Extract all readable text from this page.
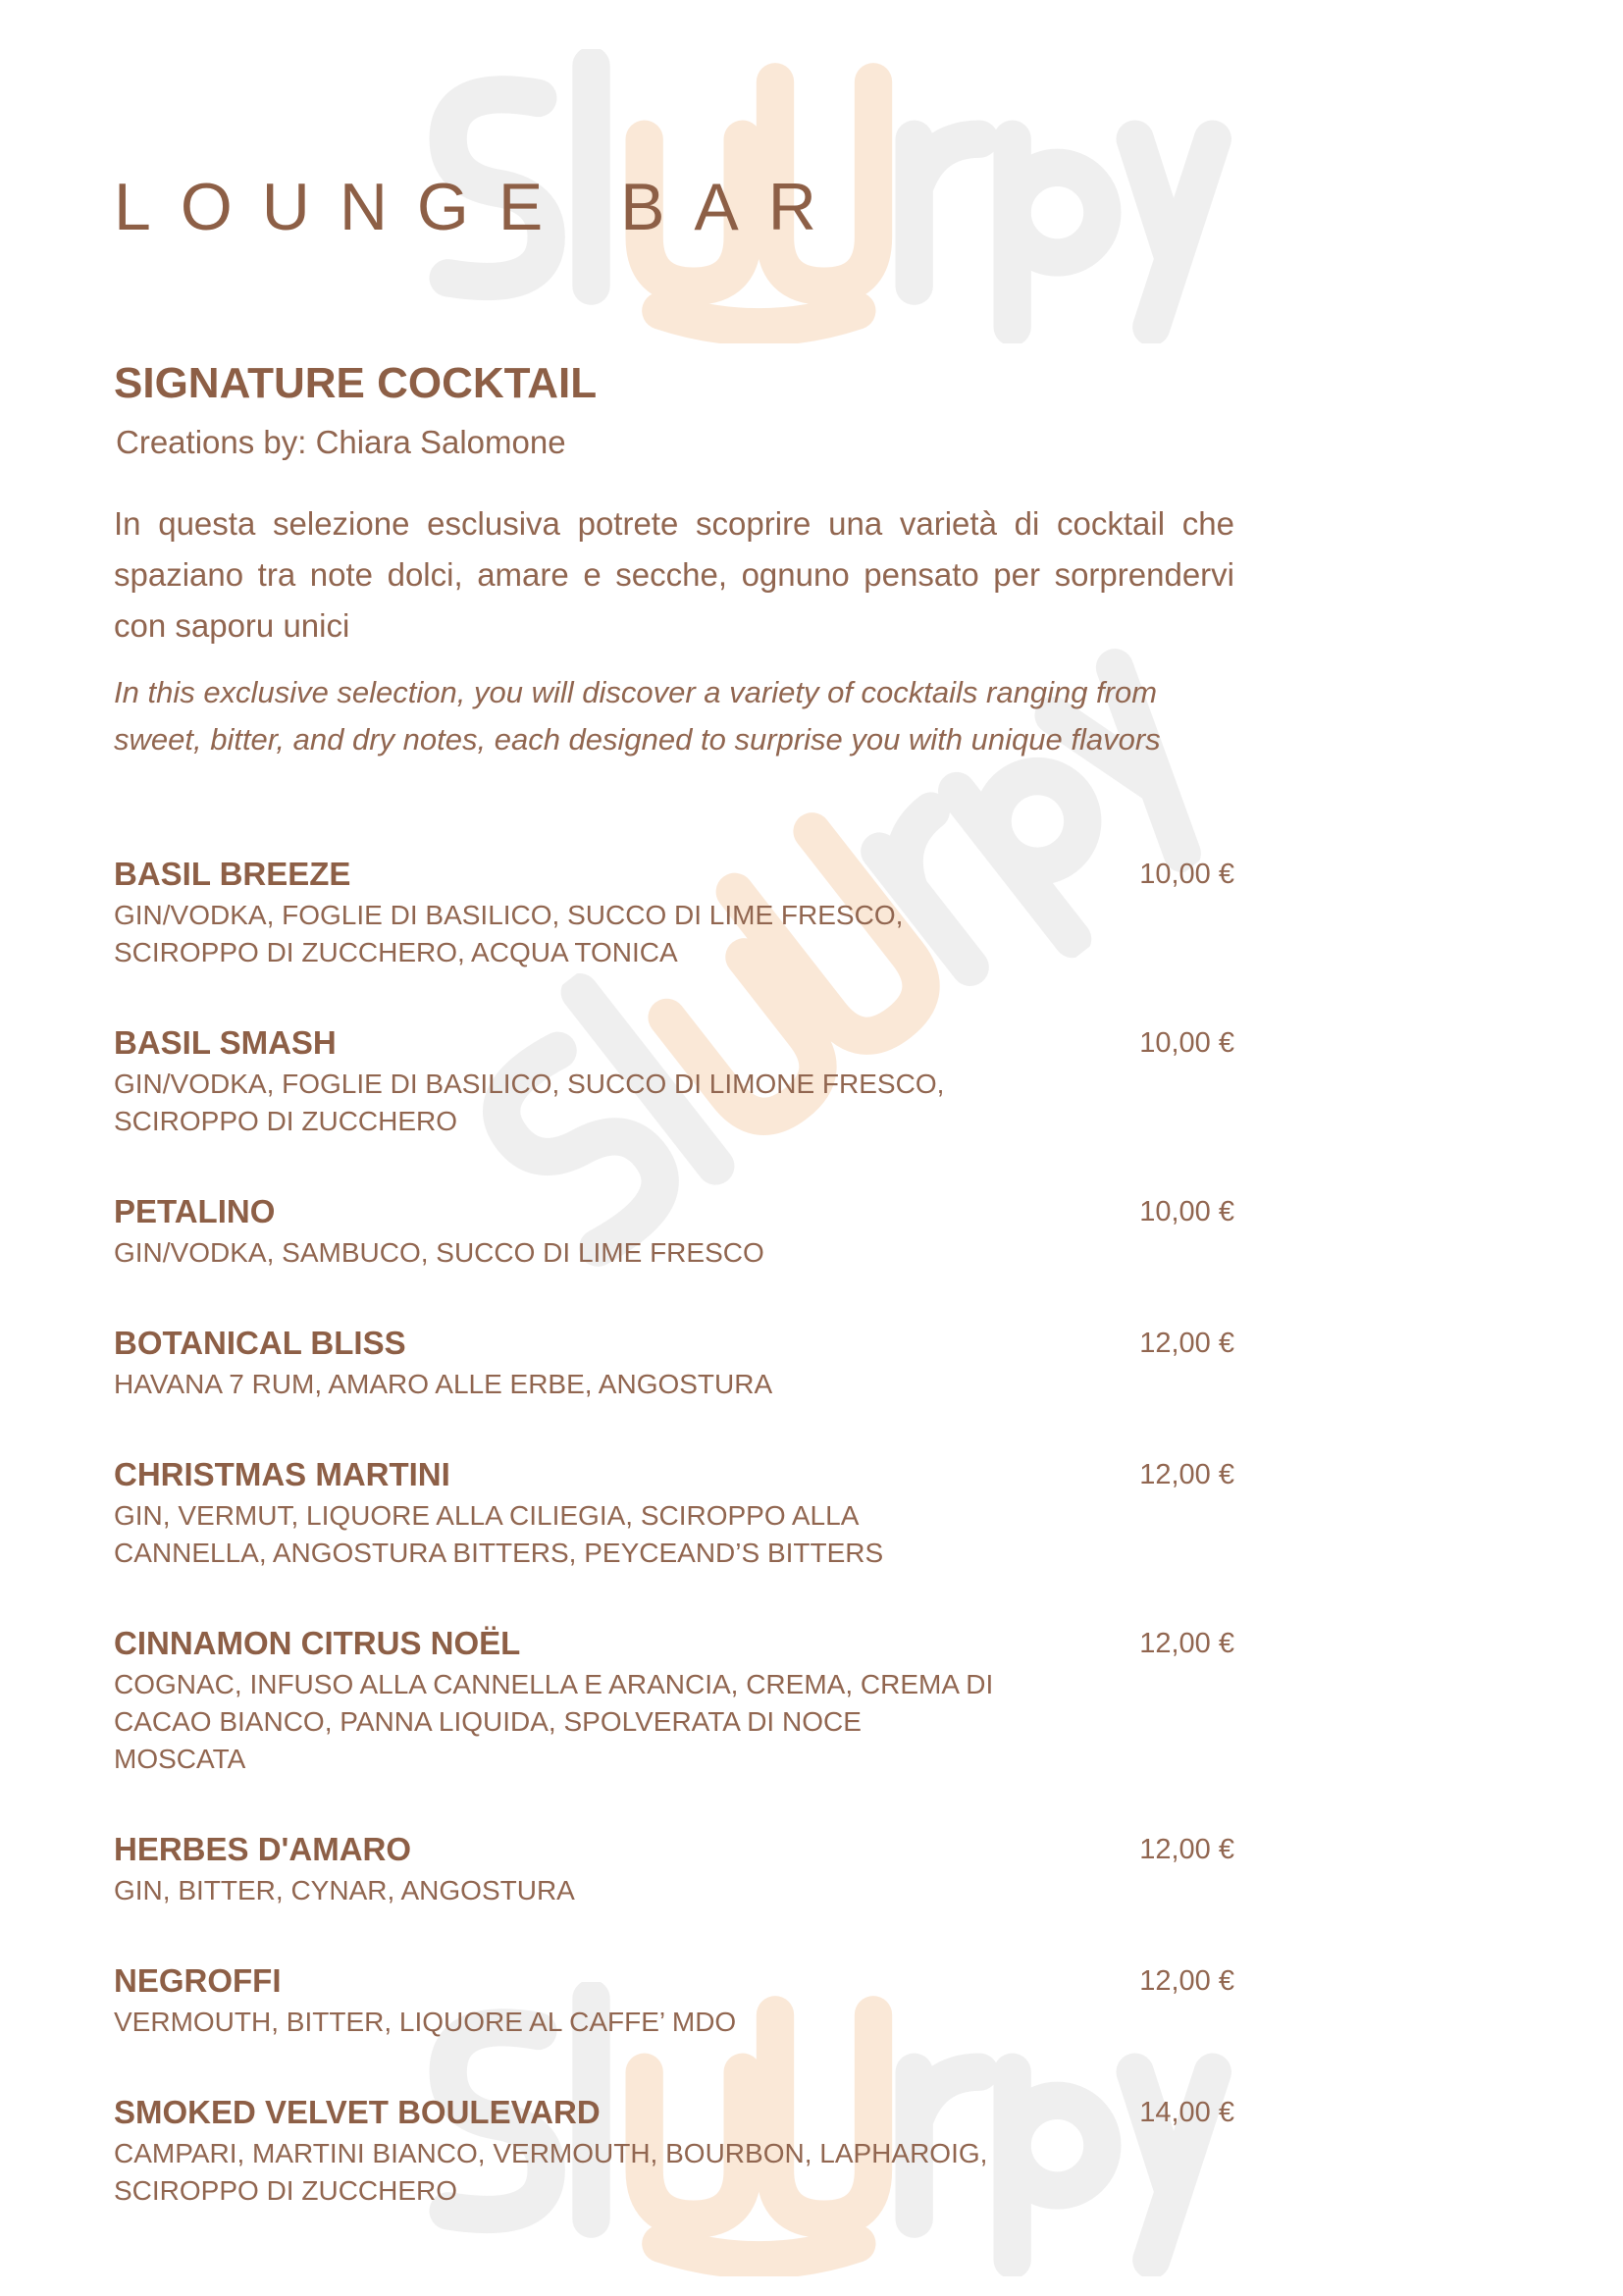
LOUNGE BAR
SIGNATURE COCKTAIL
Creations by: Chiara Salomone
In questa selezione esclusiva potrete scoprire una varietà di cocktail che spaziano tra note dolci, amare e secche, ognuno pensato per sorprendervi con saporu unici
In this exclusive selection, you will discover a variety of cocktails ranging from sweet, bitter, and dry notes, each designed to surprise you with unique flavors
BASIL BREEZE
GIN/VODKA, FOGLIE DI BASILICO, SUCCO DI LIME FRESCO, SCIROPPO DI ZUCCHERO, ACQUA TONICA
10,00 €
BASIL SMASH
GIN/VODKA, FOGLIE DI BASILICO, SUCCO DI LIMONE FRESCO, SCIROPPO DI ZUCCHERO
10,00 €
PETALINO
GIN/VODKA, SAMBUCO, SUCCO DI LIME FRESCO
10,00 €
BOTANICAL BLISS
HAVANA 7 RUM, AMARO ALLE ERBE, ANGOSTURA
12,00 €
CHRISTMAS MARTINI
GIN, VERMUT, LIQUORE ALLA CILIEGIA, SCIROPPO ALLA CANNELLA, ANGOSTURA BITTERS, PEYCEAND’S BITTERS
12,00 €
CINNAMON CITRUS NOËL
COGNAC, INFUSO ALLA CANNELLA E ARANCIA, CREMA, CREMA DI CACAO BIANCO, PANNA LIQUIDA, SPOLVERATA DI NOCE MOSCATA
12,00 €
HERBES D'AMARO
GIN, BITTER, CYNAR, ANGOSTURA
12,00 €
NEGROFFI
VERMOUTH, BITTER, LIQUORE AL CAFFE’ MDO
12,00 €
SMOKED VELVET BOULEVARD
CAMPARI, MARTINI BIANCO, VERMOUTH, BOURBON, LAPHAROIG, SCIROPPO DI ZUCCHERO
14,00 €
